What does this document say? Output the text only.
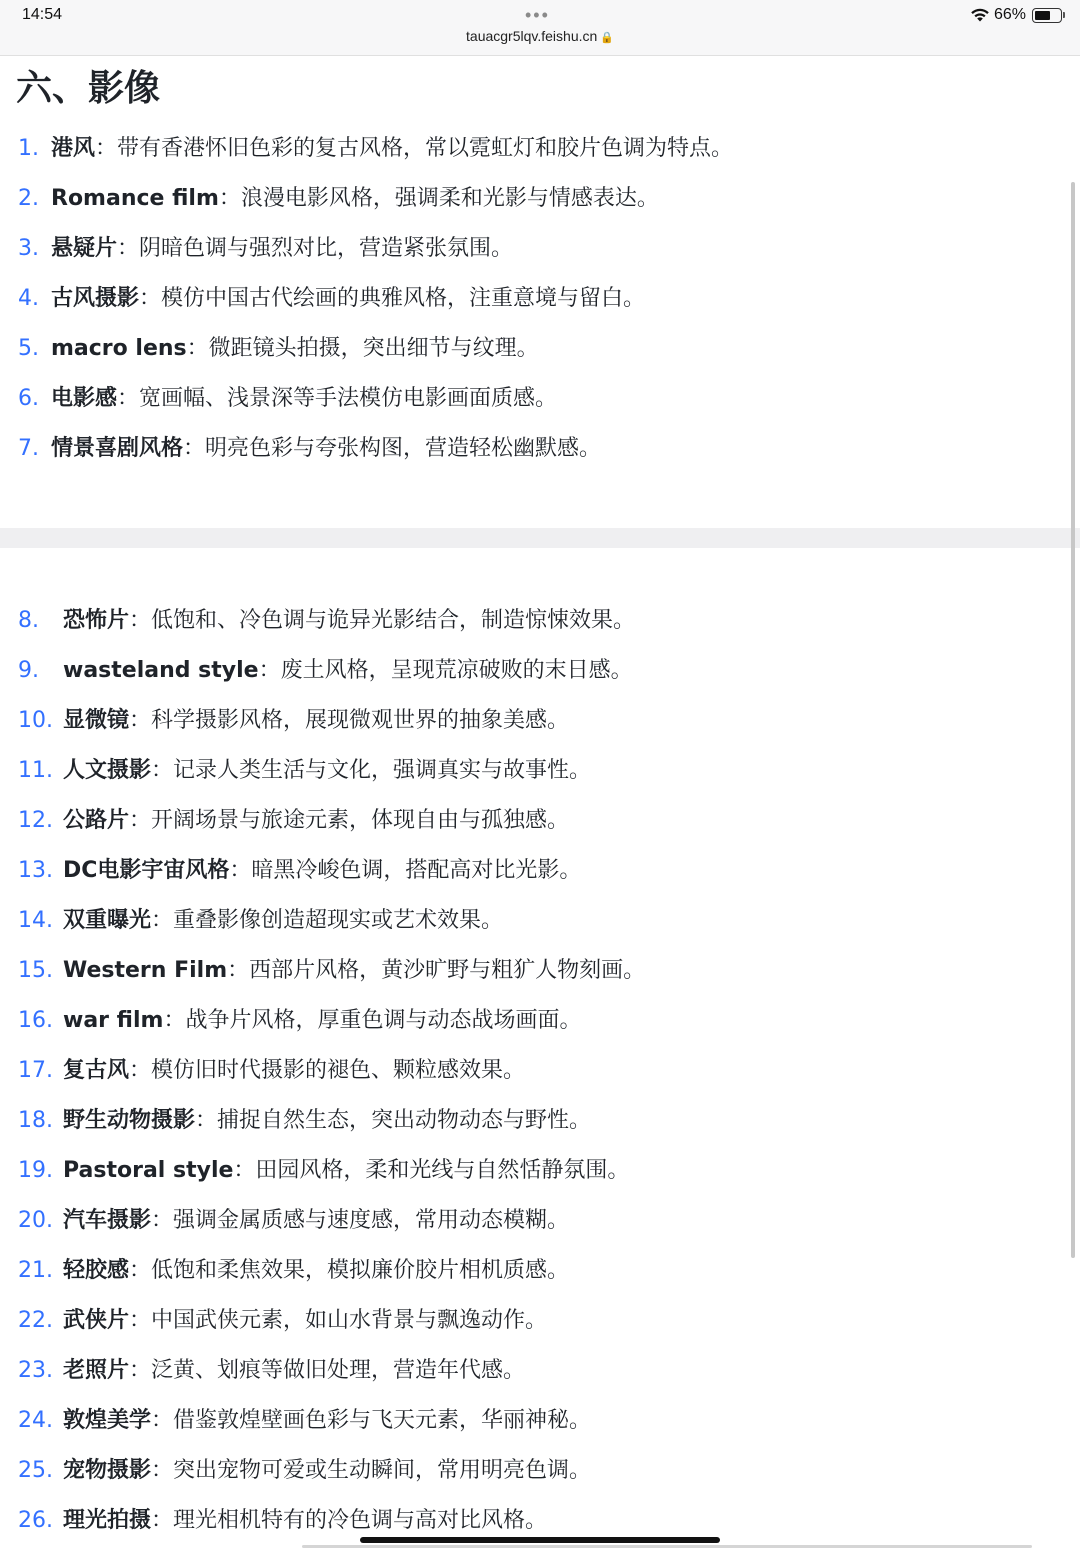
14:54	•••
tauacgr5lqv.feishu.cn 🔒
66%
六、影像
1. 港风 ：带有香港怀旧色彩的复古风格，常以霓虹灯和胶片色调为特点。
2. Romance film ：浪漫电影风格，强调柔和光影与情感表达。
3. 悬疑片 ：阴暗色调与强烈对比，营造紧张氛围。
4. 古风摄影 ：模仿中国古代绘画的典雅风格，注重意境与留白。
5. macro lens ：微距镜头拍摄，突出细节与纹理。
6. 电影感 ：宽画幅、浅景深等手法模仿电影画面质感。
7. 情景喜剧风格 ：明亮色彩与夸张构图，营造轻松幽默感。
8.	恐怖片 ：低饱和、冷色调与诡异光影结合，制造惊悚效果。
9.	wasteland style ：废土风格，呈现荒凉破败的末日感。
10. 显微镜 ：科学摄影风格，展现微观世界的抽象美感。
11. 人文摄影 ：记录人类生活与文化，强调真实与故事性。
12. 公路片 ：开阔场景与旅途元素，体现自由与孤独感。
13. DC电影宇宙风格 ：暗黑冷峻色调，搭配高对比光影。
14. 双重曝光 ：重叠影像创造超现实或艺术效果。
15. Western Film ：西部片风格，黄沙旷野与粗犷人物刻画。
16. war film ：战争片风格，厚重色调与动态战场画面。
17. 复古风 ：模仿旧时代摄影的褪色、颗粒感效果。
18. 野生动物摄影 ：捕捉自然生态，突出动物动态与野性。
19. Pastoral style ：田园风格，柔和光线与自然恬静氛围。
20. 汽车摄影 ：强调金属质感与速度感，常用动态模糊。
21. 轻胶感 ：低饱和柔焦效果，模拟廉价胶片相机质感。
22. 武侠片 ：中国武侠元素，如山水背景与飘逸动作。
23. 老照片 ：泛黄、划痕等做旧处理，营造年代感。
24. 敦煌美学 ：借鉴敦煌壁画色彩与飞天元素，华丽神秘。
25. 宠物摄影 ：突出宠物可爱或生动瞬间，常用明亮色调。
26. 理光拍摄 ：理光相机特有的冷色调与高对比风格。
